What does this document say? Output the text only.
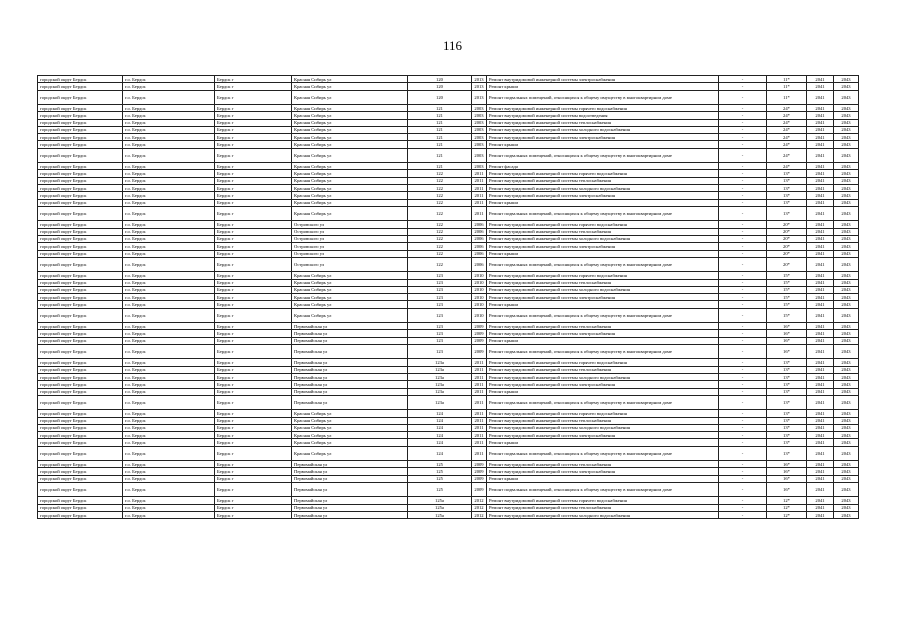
116
городской округ Бердск	г.о. Бердск	Бердск г	Красная Сибирь ул	120	2013	Ремонт внутридомовой инженерной системы электроснабжения	-	11*	2041	2043
городской округ Бердск	г.о. Бердск	Бердск г	Красная Сибирь ул	120	2013	Ремонт крыши	-	11*	2041	2043
городской округ Бердск	г.о. Бердск	Бердск г	Красная Сибирь ул	120	2013	Ремонт подвальных помещений, относящихся к общему имуществу в многоквартирном доме	-	11*	2041	2043
городской округ Бердск	г.о. Бердск	Бердск г	Красная Сибирь ул	121	2003	Ремонт внутридомовой инженерной системы горячего водоснабжения	-	24*	2041	2043
городской округ Бердск	г.о. Бердск	Бердск г	Красная Сибирь ул	121	2003	Ремонт внутридомовой инженерной системы водоотведения	-	24*	2041	2043
городской округ Бердск	г.о. Бердск	Бердск г	Красная Сибирь ул	121	2003	Ремонт внутридомовой инженерной системы теплоснабжения	-	24*	2041	2043
городской округ Бердск	г.о. Бердск	Бердск г	Красная Сибирь ул	121	2003	Ремонт внутридомовой инженерной системы холодного водоснабжения	-	24*	2041	2043
городской округ Бердск	г.о. Бердск	Бердск г	Красная Сибирь ул	121	2003	Ремонт внутридомовой инженерной системы электроснабжения	-	24*	2041	2043
городской округ Бердск	г.о. Бердск	Бердск г	Красная Сибирь ул	121	2003	Ремонт крыши	-	24*	2041	2043
городской округ Бердск	г.о. Бердск	Бердск г	Красная Сибирь ул	121	2003	Ремонт подвальных помещений, относящихся к общему имуществу в многоквартирном доме	-	24*	2041	2043
городской округ Бердск	г.о. Бердск	Бердск г	Красная Сибирь ул	121	2003	Ремонт фасада	-	24*	2041	2043
городской округ Бердск	г.о. Бердск	Бердск г	Красная Сибирь ул	122	2011	Ремонт внутридомовой инженерной системы горячего водоснабжения	-	13*	2041	2043
городской округ Бердск	г.о. Бердск	Бердск г	Красная Сибирь ул	122	2011	Ремонт внутридомовой инженерной системы теплоснабжения	-	13*	2041	2043
городской округ Бердск	г.о. Бердск	Бердск г	Красная Сибирь ул	122	2011	Ремонт внутридомовой инженерной системы холодного водоснабжения	-	13*	2041	2043
городской округ Бердск	г.о. Бердск	Бердск г	Красная Сибирь ул	122	2011	Ремонт внутридомовой инженерной системы электроснабжения	-	13*	2041	2043
городской округ Бердск	г.о. Бердск	Бердск г	Красная Сибирь ул	122	2011	Ремонт крыши	-	13*	2041	2043
городской округ Бердск	г.о. Бердск	Бердск г	Красная Сибирь ул	122	2011	Ремонт подвальных помещений, относящихся к общему имуществу в многоквартирном доме	-	13*	2041	2043
городской округ Бердск	г.о. Бердск	Бердск г	Островского ул	122	2006	Ремонт внутридомовой инженерной системы горячего водоснабжения	-	20*	2041	2043
городской округ Бердск	г.о. Бердск	Бердск г	Островского ул	122	2006	Ремонт внутридомовой инженерной системы теплоснабжения	-	20*	2041	2043
городской округ Бердск	г.о. Бердск	Бердск г	Островского ул	122	2006	Ремонт внутридомовой инженерной системы холодного водоснабжения	-	20*	2041	2043
городской округ Бердск	г.о. Бердск	Бердск г	Островского ул	122	2006	Ремонт внутридомовой инженерной системы электроснабжения	-	20*	2041	2043
городской округ Бердск	г.о. Бердск	Бердск г	Островского ул	122	2006	Ремонт крыши	-	20*	2041	2043
городской округ Бердск	г.о. Бердск	Бердск г	Островского ул	122	2006	Ремонт подвальных помещений, относящихся к общему имуществу в многоквартирном доме	-	20*	2041	2043
городской округ Бердск	г.о. Бердск	Бердск г	Красная Сибирь ул	123	2010	Ремонт внутридомовой инженерной системы горячего водоснабжения	-	15*	2041	2043
городской округ Бердск	г.о. Бердск	Бердск г	Красная Сибирь ул	123	2010	Ремонт внутридомовой инженерной системы теплоснабжения	-	15*	2041	2043
городской округ Бердск	г.о. Бердск	Бердск г	Красная Сибирь ул	123	2010	Ремонт внутридомовой инженерной системы холодного водоснабжения	-	15*	2041	2043
городской округ Бердск	г.о. Бердск	Бердск г	Красная Сибирь ул	123	2010	Ремонт внутридомовой инженерной системы электроснабжения	-	15*	2041	2043
городской округ Бердск	г.о. Бердск	Бердск г	Красная Сибирь ул	123	2010	Ремонт крыши	-	15*	2041	2043
городской округ Бердск	г.о. Бердск	Бердск г	Красная Сибирь ул	123	2010	Ремонт подвальных помещений, относящихся к общему имуществу в многоквартирном доме	-	15*	2041	2043
городской округ Бердск	г.о. Бердск	Бердск г	Первомайская ул	123	2009	Ремонт внутридомовой инженерной системы теплоснабжения	-	16*	2041	2043
городской округ Бердск	г.о. Бердск	Бердск г	Первомайская ул	123	2009	Ремонт внутридомовой инженерной системы электроснабжения	-	16*	2041	2043
городской округ Бердск	г.о. Бердск	Бердск г	Первомайская ул	123	2009	Ремонт крыши	-	16*	2041	2043
городской округ Бердск	г.о. Бердск	Бердск г	Первомайская ул	123	2009	Ремонт подвальных помещений, относящихся к общему имуществу в многоквартирном доме	-	16*	2041	2043
городской округ Бердск	г.о. Бердск	Бердск г	Первомайская ул	123а	2011	Ремонт внутридомовой инженерной системы горячего водоснабжения	-	13*	2041	2043
городской округ Бердск	г.о. Бердск	Бердск г	Первомайская ул	123а	2011	Ремонт внутридомовой инженерной системы теплоснабжения	-	13*	2041	2043
городской округ Бердск	г.о. Бердск	Бердск г	Первомайская ул	123а	2011	Ремонт внутридомовой инженерной системы холодного водоснабжения	-	13*	2041	2043
городской округ Бердск	г.о. Бердск	Бердск г	Первомайская ул	123а	2011	Ремонт внутридомовой инженерной системы электроснабжения	-	13*	2041	2043
городской округ Бердск	г.о. Бердск	Бердск г	Первомайская ул	123а	2011	Ремонт крыши	-	13*	2041	2043
городской округ Бердск	г.о. Бердск	Бердск г	Первомайская ул	123а	2011	Ремонт подвальных помещений, относящихся к общему имуществу в многоквартирном доме	-	13*	2041	2043
городской округ Бердск	г.о. Бердск	Бердск г	Красная Сибирь ул	124	2011	Ремонт внутридомовой инженерной системы горячего водоснабжения	-	13*	2041	2043
городской округ Бердск	г.о. Бердск	Бердск г	Красная Сибирь ул	124	2011	Ремонт внутридомовой инженерной системы теплоснабжения	-	13*	2041	2043
городской округ Бердск	г.о. Бердск	Бердск г	Красная Сибирь ул	124	2011	Ремонт внутридомовой инженерной системы холодного водоснабжения	-	13*	2041	2043
городской округ Бердск	г.о. Бердск	Бердск г	Красная Сибирь ул	124	2011	Ремонт внутридомовой инженерной системы электроснабжения	-	13*	2041	2043
городской округ Бердск	г.о. Бердск	Бердск г	Красная Сибирь ул	124	2011	Ремонт крыши	-	13*	2041	2043
городской округ Бердск	г.о. Бердск	Бердск г	Красная Сибирь ул	124	2011	Ремонт подвальных помещений, относящихся к общему имуществу в многоквартирном доме	-	13*	2041	2043
городской округ Бердск	г.о. Бердск	Бердск г	Первомайская ул	125	2009	Ремонт внутридомовой инженерной системы теплоснабжения	-	16*	2041	2043
городской округ Бердск	г.о. Бердск	Бердск г	Первомайская ул	125	2009	Ремонт внутридомовой инженерной системы электроснабжения	-	16*	2041	2043
городской округ Бердск	г.о. Бердск	Бердск г	Первомайская ул	125	2009	Ремонт крыши	-	16*	2041	2043
городской округ Бердск	г.о. Бердск	Бердск г	Первомайская ул	125	2009	Ремонт подвальных помещений, относящихся к общему имуществу в многоквартирном доме	-	16*	2041	2043
городской округ Бердск	г.о. Бердск	Бердск г	Первомайская ул	125а	2012	Ремонт внутридомовой инженерной системы горячего водоснабжения	-	12*	2041	2043
городской округ Бердск	г.о. Бердск	Бердск г	Первомайская ул	125а	2012	Ремонт внутридомовой инженерной системы теплоснабжения	-	12*	2041	2043
городской округ Бердск	г.о. Бердск	Бердск г	Первомайская ул	125а	2012	Ремонт внутридомовой инженерной системы холодного водоснабжения	-	12*	2041	2043
